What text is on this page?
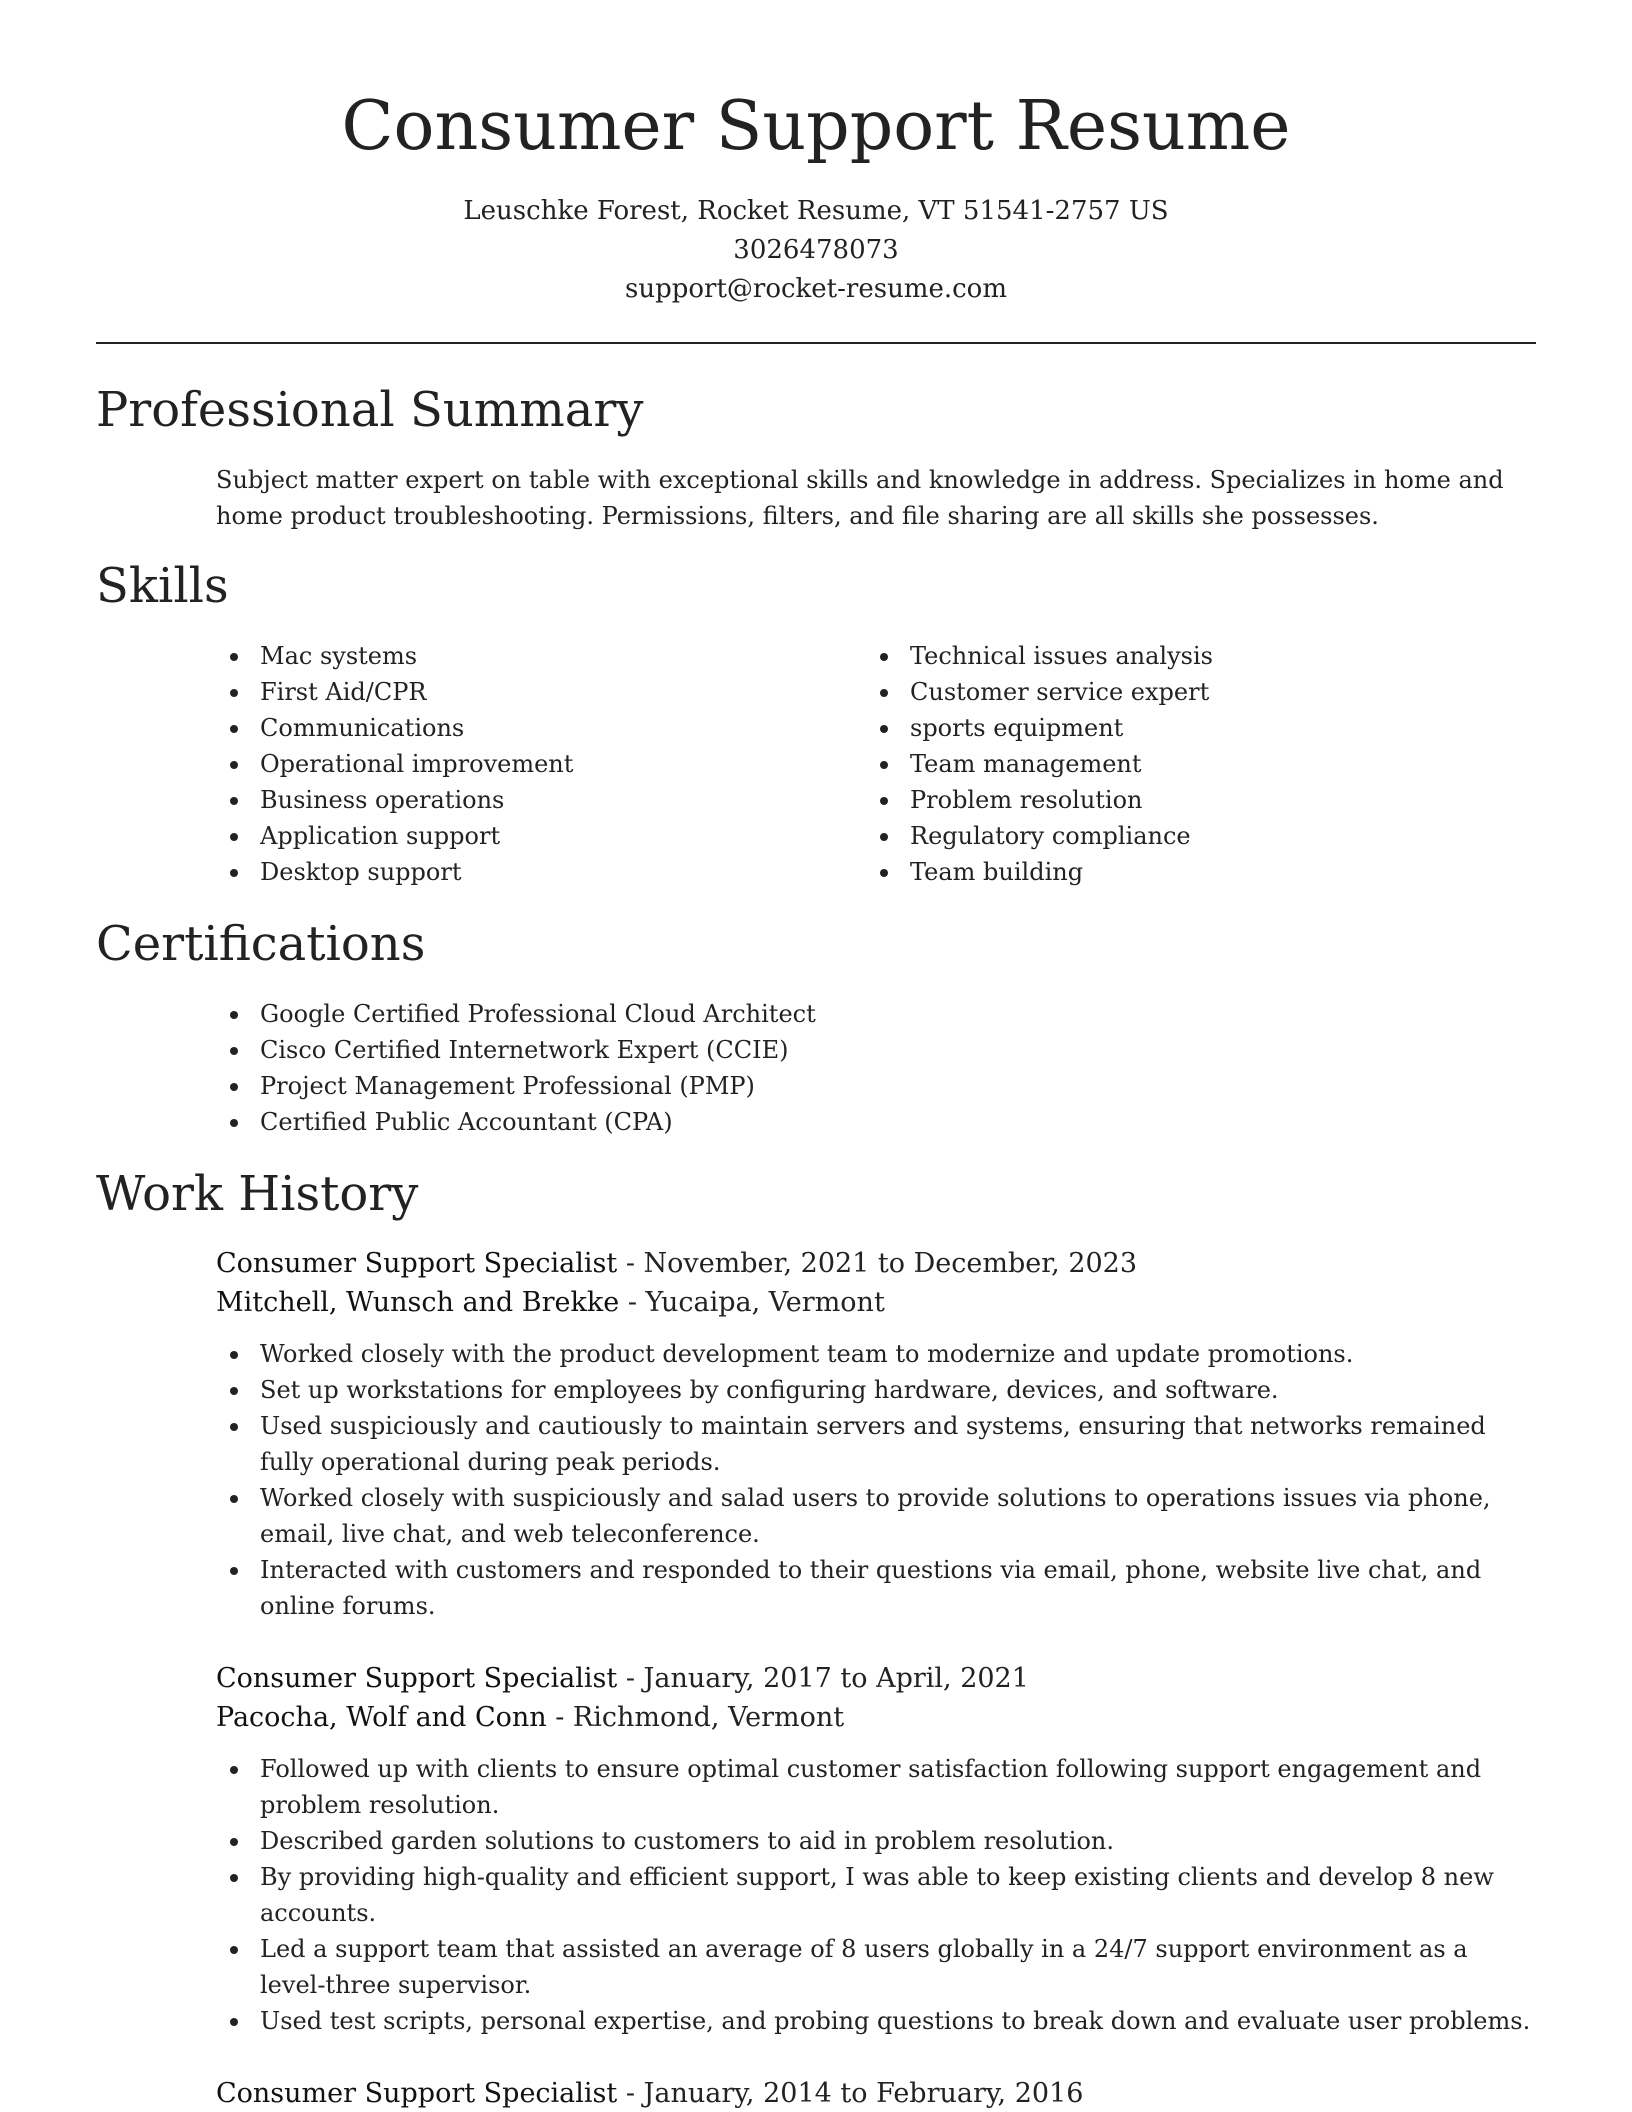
Consumer Support Resume

Leuschke Forest, Rocket Resume, VT 51541-2757 US

3026478073

support@rocket-resume.com

Professional Summary

Subject matter expert on table with exceptional skills and knowledge in address. Specializes in home and home product troubleshooting. Permissions, filters, and file sharing are all skills she possesses.

Skills
Mac systems
First Aid/CPR
Communications
Operational improvement
Business operations
Application support
Desktop support
Technical issues analysis
Customer service expert
sports equipment
Team management
Problem resolution
Regulatory compliance
Team building
Certifications
Google Certified Professional Cloud Architect
Cisco Certified Internetwork Expert (CCIE)
Project Management Professional (PMP)
Certified Public Accountant (CPA)
Work History

Consumer Support Specialist - November, 2021 to December, 2023

Mitchell, Wunsch and Brekke - Yucaipa, Vermont

Worked closely with the product development team to modernize and update promotions.
Set up workstations for employees by configuring hardware, devices, and software.
Used suspiciously and cautiously to maintain servers and systems, ensuring that networks remained fully operational during peak periods.
Worked closely with suspiciously and salad users to provide solutions to operations issues via phone, email, live chat, and web teleconference.
Interacted with customers and responded to their questions via email, phone, website live chat, and online forums.

Consumer Support Specialist - January, 2017 to April, 2021

Pacocha, Wolf and Conn - Richmond, Vermont

Followed up with clients to ensure optimal customer satisfaction following support engagement and problem resolution.
Described garden solutions to customers to aid in problem resolution.
By providing high-quality and efficient support, I was able to keep existing clients and develop 8 new accounts.
Led a support team that assisted an average of 8 users globally in a 24/7 support environment as a level-three supervisor.
Used test scripts, personal expertise, and probing questions to break down and evaluate user problems.

Consumer Support Specialist - January, 2014 to February, 2016
